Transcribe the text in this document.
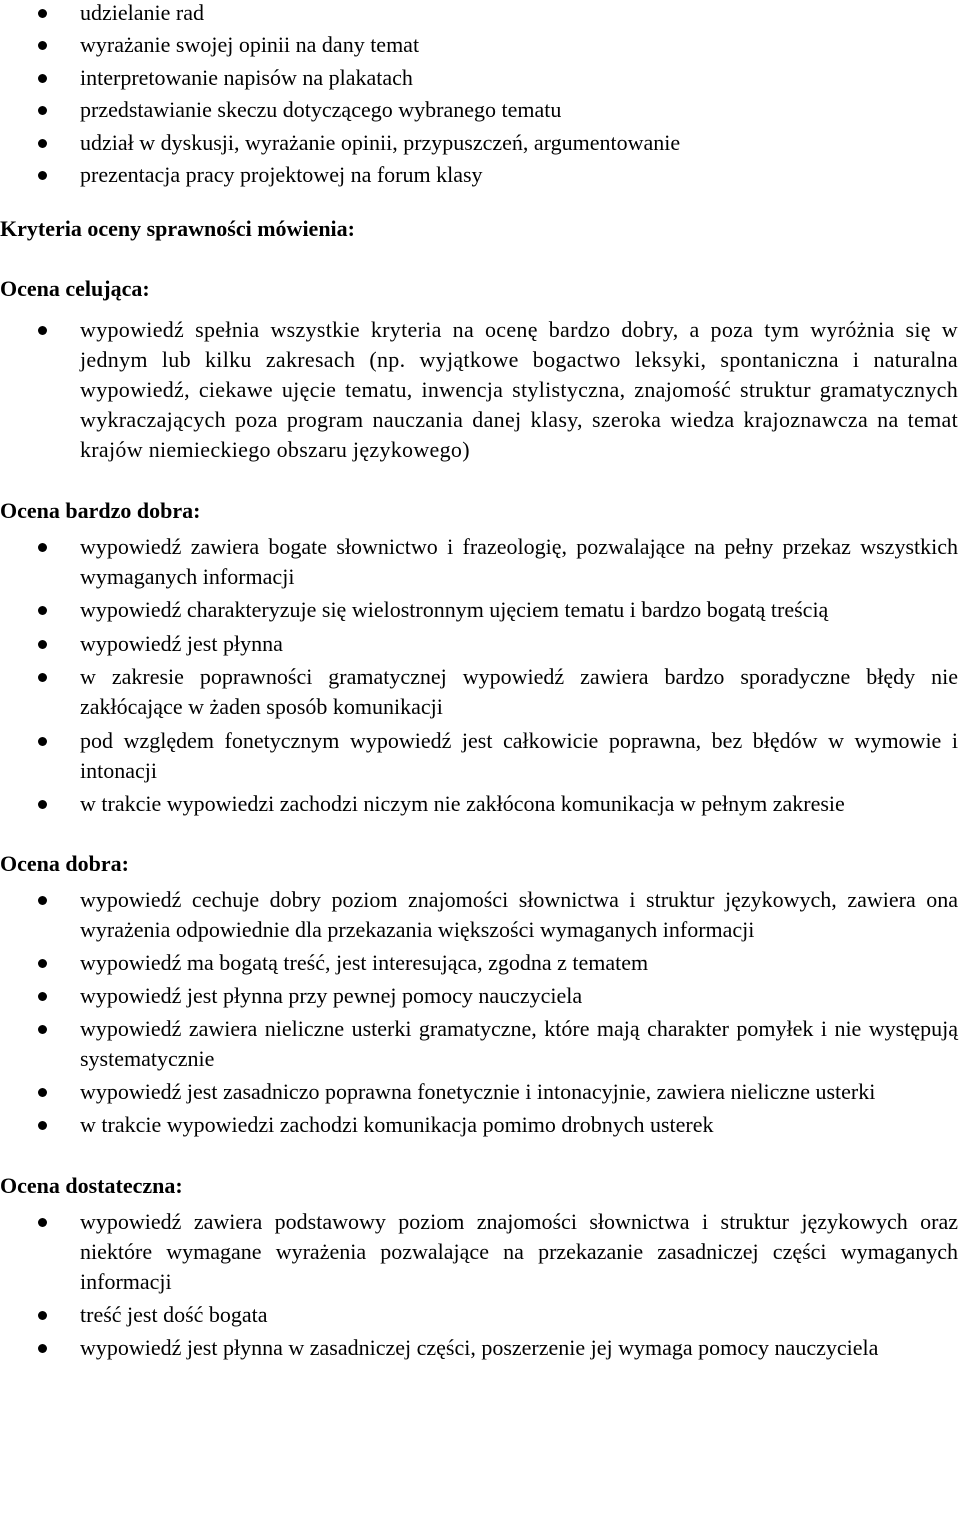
udzielanie rad
wyrażanie swojej opinii na dany temat
interpretowanie napisów na plakatach
przedstawianie skeczu dotyczącego wybranego tematu
udział w dyskusji, wyrażanie opinii, przypuszczeń, argumentowanie
prezentacja pracy projektowej na forum klasy
Kryteria oceny sprawności mówienia:
Ocena celująca:
wypowiedź spełnia wszystkie kryteria na ocenę bardzo dobry, a poza tym wyróżnia się w jednym lub kilku zakresach (np. wyjątkowe bogactwo leksyki, spontaniczna i naturalna wypowiedź, ciekawe ujęcie tematu, inwencja stylistyczna, znajomość struktur gramatycznych wykraczających poza program nauczania danej klasy, szeroka wiedza krajoznawcza na temat krajów niemieckiego obszaru językowego)
Ocena bardzo dobra:
wypowiedź zawiera bogate słownictwo i frazeologię, pozwalające na pełny przekaz wszystkich wymaganych informacji
wypowiedź charakteryzuje się wielostronnym ujęciem tematu i bardzo bogatą treścią
wypowiedź jest płynna
w zakresie poprawności gramatycznej wypowiedź zawiera bardzo sporadyczne błędy nie zakłócające w żaden sposób komunikacji
pod względem fonetycznym wypowiedź jest całkowicie poprawna, bez błędów w wymowie i intonacji
w trakcie wypowiedzi zachodzi niczym nie zakłócona komunikacja w pełnym zakresie
Ocena dobra:
wypowiedź cechuje dobry poziom znajomości słownictwa i struktur językowych, zawiera ona wyrażenia odpowiednie dla przekazania większości wymaganych informacji
wypowiedź ma bogatą treść, jest interesująca, zgodna z tematem
wypowiedź jest płynna przy pewnej pomocy nauczyciela
wypowiedź zawiera nieliczne usterki gramatyczne, które mają charakter pomyłek i nie występują systematycznie
wypowiedź jest zasadniczo poprawna fonetycznie i intonacyjnie, zawiera nieliczne usterki
w trakcie wypowiedzi zachodzi komunikacja pomimo drobnych usterek
Ocena dostateczna:
wypowiedź zawiera podstawowy poziom znajomości słownictwa i struktur językowych oraz niektóre wymagane wyrażenia pozwalające na przekazanie zasadniczej części wymaganych informacji
treść jest dość bogata
wypowiedź jest płynna w zasadniczej części, poszerzenie jej wymaga pomocy nauczyciela
